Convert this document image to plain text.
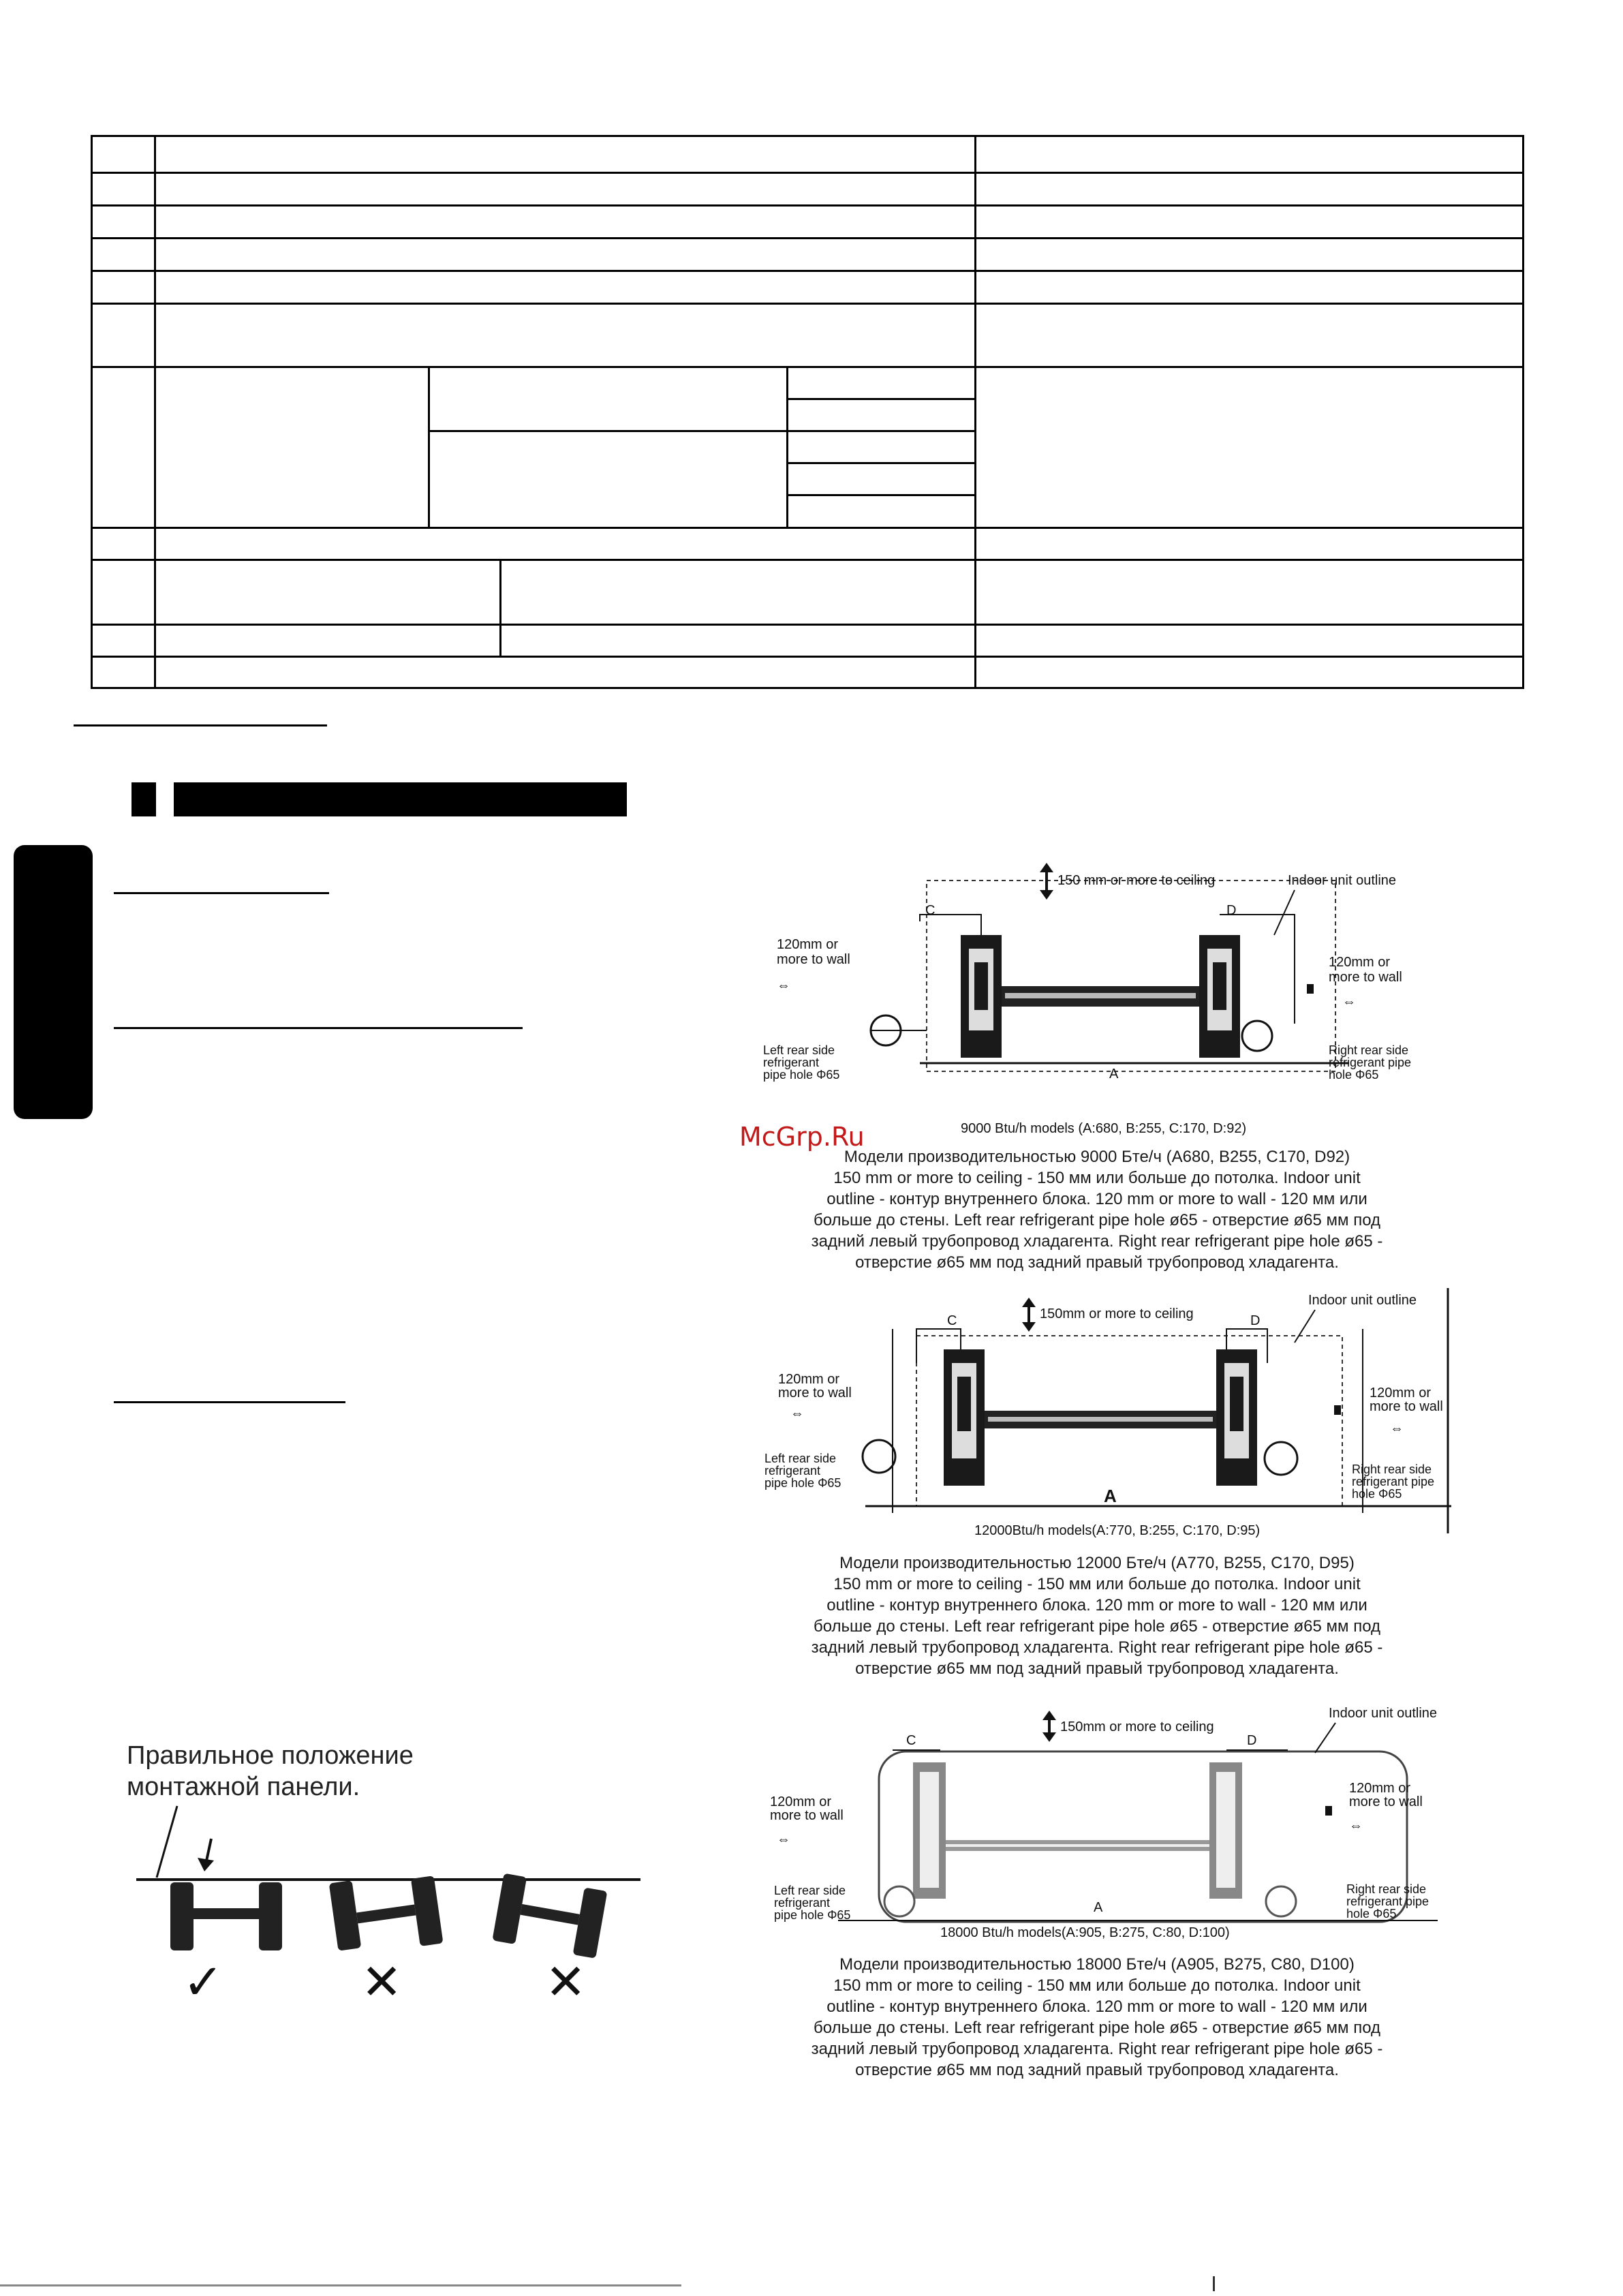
McGrp.Ru
150 mm or more to ceiling	Indoor unit outline
C	D
A
120mm or
more to wall
⇔
120mm or
more to wall
⇔
Left rear side
refrigerant
pipe hole Φ65
Right rear side
refrigerant pipe
hole Φ65
9000 Btu/h models (A:680, B:255, C:170, D:92)
Модели производительностью 9000 Бте/ч (A680, B255, C170, D92)
150 mm or more to ceiling - 150 мм или больше до потолка. Indoor unit
outline - контур внутреннего блока. 120 mm or more to wall - 120 мм или
больше до стены. Left rear refrigerant pipe hole ø65 - отверстие ø65 мм под
задний левый трубопровод хладагента. Right rear refrigerant pipe hole ø65 -
отверстие ø65 мм под задний правый трубопровод хладагента.
150mm or more to ceiling
Indoor unit outline
C	D
A
120mm or
more to wall
⇔
120mm or
more to wall
⇔
Left rear side
refrigerant
pipe hole Φ65
Right rear side
refrigerant pipe
hole Φ65
12000Btu/h models(A:770, B:255, C:170, D:95)
Модели производительностью 12000 Бте/ч (A770, B255, C170, D95)
150 mm or more to ceiling - 150 мм или больше до потолка. Indoor unit
outline - контур внутреннего блока. 120 mm or more to wall - 120 мм или
больше до стены. Left rear refrigerant pipe hole ø65 - отверстие ø65 мм под
задний левый трубопровод хладагента. Right rear refrigerant pipe hole ø65 -
отверстие ø65 мм под задний правый трубопровод хладагента.
150mm or more to ceiling
Indoor unit outline
C	D
A
120mm or
more to wall
⇔
120mm or
more to wall
⇔
Left rear side
refrigerant
pipe hole Φ65
Right rear side
refrigerant pipe
hole Φ65
18000 Btu/h models(A:905, B:275, C:80, D:100)
Модели производительностью 18000 Бте/ч (A905, B275, C80, D100)
150 mm or more to ceiling - 150 мм или больше до потолка. Indoor unit
outline - контур внутреннего блока. 120 mm or more to wall - 120 мм или
больше до стены. Left rear refrigerant pipe hole ø65 - отверстие ø65 мм под
задний левый трубопровод хладагента. Right rear refrigerant pipe hole ø65 -
отверстие ø65 мм под задний правый трубопровод хладагента.
Правильное положение
монтажной панели.
✓	✕	✕
